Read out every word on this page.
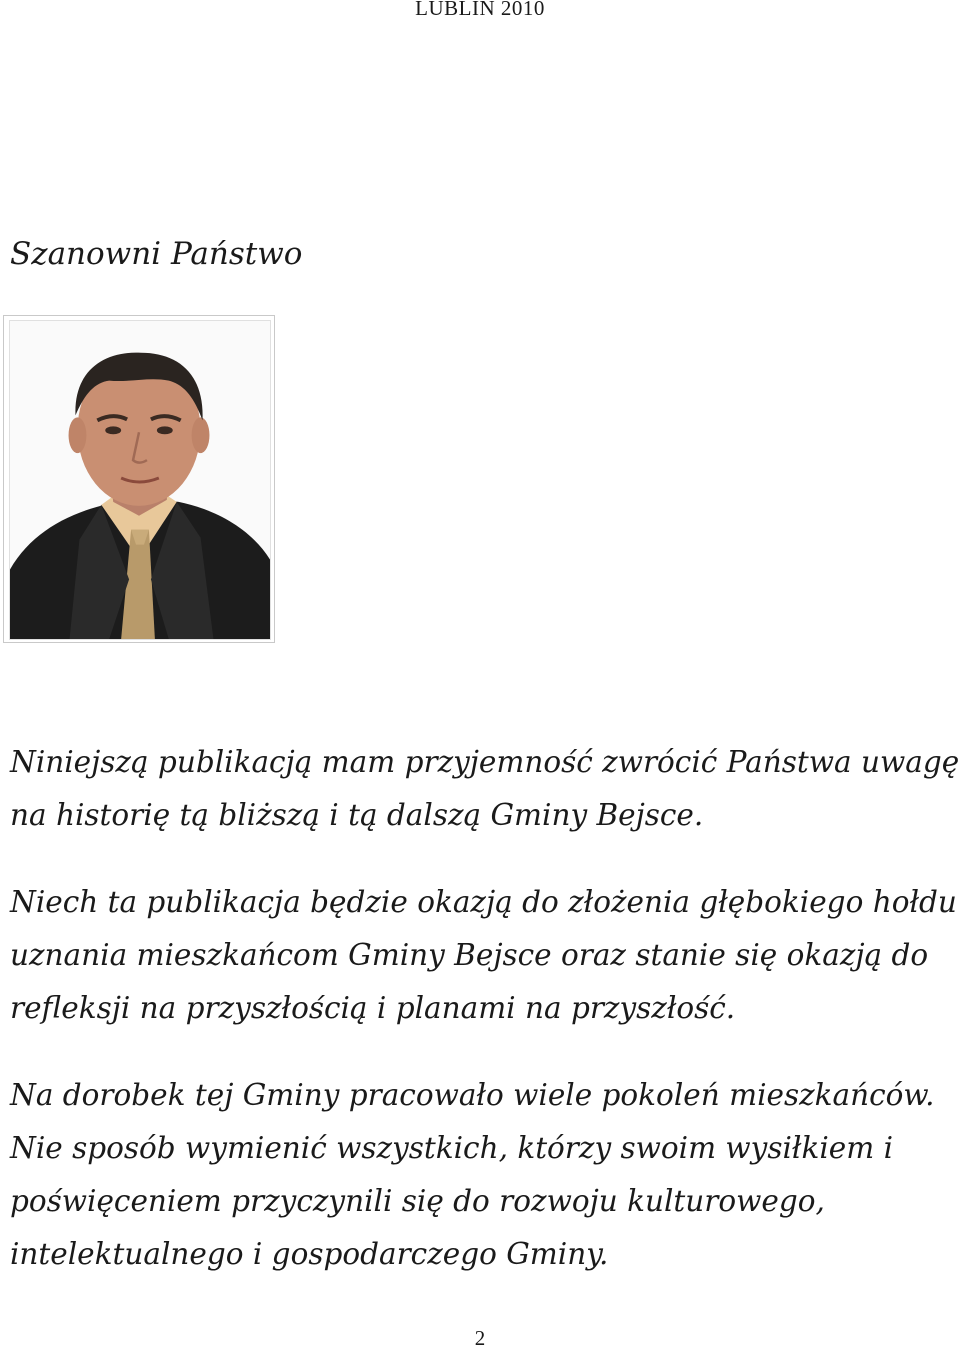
LUBLIN 2010
Szanowni Państwo
Niniejszą publikacją mam przyjemność zwrócić Państwa uwagę
na historię tą bliższą i tą dalszą Gminy Bejsce.
Niech ta publikacja będzie okazją do złożenia głębokiego hołdu
uznania mieszkańcom Gminy Bejsce oraz stanie się okazją do
refleksji na przyszłością i planami na przyszłość.
Na dorobek tej Gminy pracowało wiele pokoleń mieszkańców.
Nie sposób wymienić wszystkich, którzy swoim wysiłkiem i
poświęceniem przyczynili się do rozwoju kulturowego,
intelektualnego i gospodarczego Gminy.
2
